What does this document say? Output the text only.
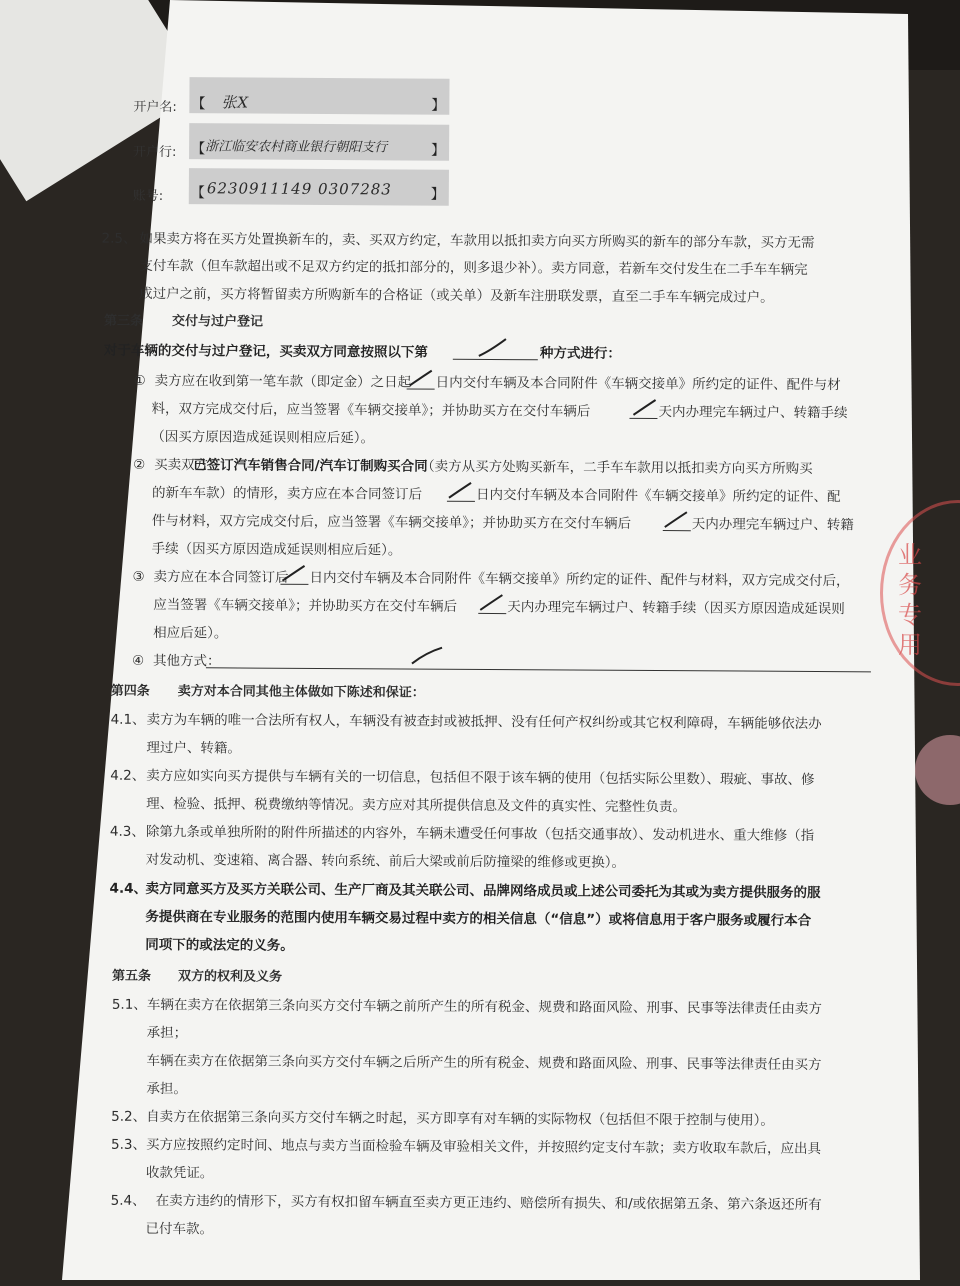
开户名: 【 张X	】
开户行: 【 浙江临安农村商业银行朝阳支行	】
账号: 【 6230911149 0307283	】
2.5、 如果卖方将在买方处置换新车的，卖、买双方约定，车款用以抵扣卖方向买方所购买的新车的部分车款，买方无需
支付车款（但车款超出或不足双方约定的抵扣部分的，则多退少补）。卖方同意，若新车交付发生在二手车车辆完
成过户之前，买方将暂留卖方所购新车的合格证（或关单）及新车注册联发票，直至二手车车辆完成过户。
第三条 交付与过户登记
对于车辆的交付与过户登记，买卖双方同意按照以下第	种方式进行：
① 卖方应在收到第一笔车款（即定金）之日起 日内交付车辆及本合同附件《车辆交接单》所约定的证件、配件与材
料，双方完成交付后，应当签署《车辆交接单》；并协助买方在交付车辆后	天内办理完车辆过户、转籍手续
（因买方原因造成延误则相应后延）。
② 买卖双方
已签订汽车销售合同/汽车订制购买合同
（卖方从买方处购买新车，二手车车款用以抵扣卖方向买方所购买
的新车车款）的情形，卖方应在本合同签订后	日内交付车辆及本合同附件《车辆交接单》所约定的证件、配
件与材料，双方完成交付后，应当签署《车辆交接单》；并协助买方在交付车辆后	天内办理完车辆过户、转籍
手续（因买方原因造成延误则相应后延）。
③ 卖方应在本合同签订后 日内交付车辆及本合同附件《车辆交接单》所约定的证件、配件与材料，双方完成交付后，
应当签署《车辆交接单》；并协助买方在交付车辆后	天内办理完车辆过户、转籍手续（因买方原因造成延误则
相应后延）。
④ 其他方式：
第四条 卖方对本合同其他主体做如下陈述和保证：
4.1、 卖方为车辆的唯一合法所有权人，车辆没有被查封或被抵押、没有任何产权纠纷或其它权利障碍，车辆能够依法办
理过户、转籍。
4.2、 卖方应如实向买方提供与车辆有关的一切信息，包括但不限于该车辆的使用（包括实际公里数）、瑕疵、事故、修
理、检验、抵押、税费缴纳等情况。卖方应对其所提供信息及文件的真实性、完整性负责。
4.3、 除第九条或单独所附的附件所描述的内容外，车辆未遭受任何事故（包括交通事故）、发动机进水、重大维修（指
对发动机、变速箱、离合器、转向系统、前后大梁或前后防撞梁的维修或更换）。
4.4、
卖方同意买方及买方关联公司、生产厂商及其关联公司、品牌网络成员或上述公司委托为其或为卖方提供服务的服
务提供商在专业服务的范围内使用车辆交易过程中卖方的相关信息（“信息”）或将信息用于客户服务或履行本合
同项下的或法定的义务。
第五条 双方的权利及义务
5.1、 车辆在卖方在依据第三条向买方交付车辆之前所产生的所有税金、规费和路面风险、刑事、民事等法律责任由卖方
承担；
车辆在卖方在依据第三条向买方交付车辆之后所产生的所有税金、规费和路面风险、刑事、民事等法律责任由买方
承担。
5.2、 自卖方在依据第三条向买方交付车辆之时起，买方即享有对车辆的实际物权（包括但不限于控制与使用）。
5.3、 买方应按照约定时间、地点与卖方当面检验车辆及审验相关文件，并按照约定支付车款；卖方收取车款后，应出具
收款凭证。
5.4、 在卖方违约的情形下，买方有权扣留车辆直至卖方更正违约、赔偿所有损失、和/或依据第五条、第六条返还所有
已付车款。
业务专用
